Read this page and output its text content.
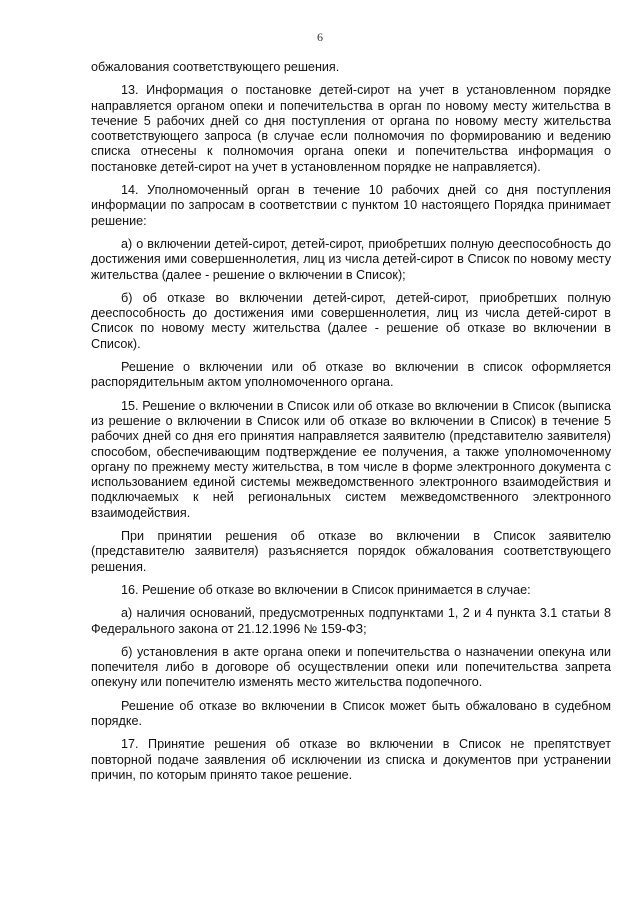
6

обжалования соответствующего решения.

13. Информация о постановке детей-сирот на учет в установленном порядке направляется органом опеки и попечительства в орган по новому месту жительства в течение 5 рабочих дней со дня поступления от органа по новому месту жительства соответствующего запроса (в случае если полномочия по формированию и ведению списка отнесены к полномочия органа опеки и попечительства информация о постановке детей-сирот на учет в установленном порядке не направляется).

14. Уполномоченный орган в течение 10 рабочих дней со дня поступления информации по запросам в соответствии с пунктом 10 настоящего Порядка принимает решение:

а) о включении детей-сирот, детей-сирот, приобретших полную дееспособность до достижения ими совершеннолетия, лиц из числа детей-сирот в Список по новому месту жительства (далее - решение о включении в Список);

б) об отказе во включении детей-сирот, детей-сирот, приобретших полную дееспособность до достижения ими совершеннолетия, лиц из числа детей-сирот в Список по новому месту жительства (далее - решение об отказе во включении в Список).

Решение о включении или об отказе во включении в список оформляется распорядительным актом уполномоченного органа.

15. Решение о включении в Список или об отказе во включении в Список (выписка из решение о включении в Список или об отказе во включении в Список) в течение 5 рабочих дней со дня его принятия направляется заявителю (представителю заявителя) способом, обеспечивающим подтверждение ее получения, а также уполномоченному органу по прежнему месту жительства, в том числе в форме электронного документа с использованием единой системы межведомственного электронного взаимодействия и подключаемых к ней региональных систем межведомственного электронного взаимодействия.

При принятии решения об отказе во включении в Список заявителю (представителю заявителя) разъясняется порядок обжалования соответствующего решения.

16. Решение об отказе во включении в Список принимается в случае:

а) наличия оснований, предусмотренных подпунктами 1, 2 и 4 пункта 3.1 статьи 8 Федерального закона от 21.12.1996 № 159-ФЗ;

б) установления в акте органа опеки и попечительства о назначении опекуна или попечителя либо в договоре об осуществлении опеки или попечительства запрета опекуну или попечителю изменять место жительства подопечного.

Решение об отказе во включении в Список может быть обжаловано в судебном порядке.

17. Принятие решения об отказе во включении в Список не препятствует повторной подаче заявления об исключении из списка и документов при устранении причин, по которым принято такое решение.
